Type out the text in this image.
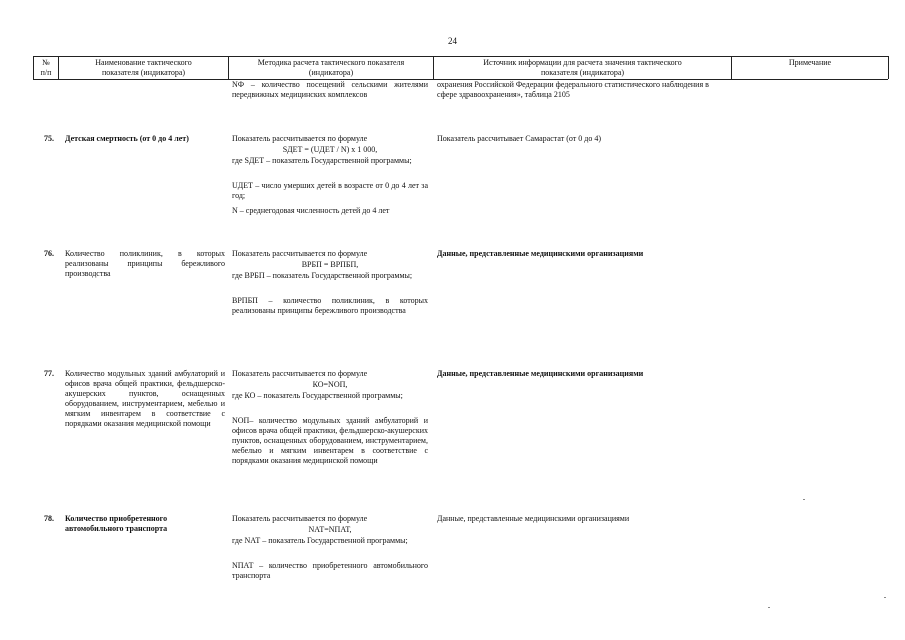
24
№
п/п
Наименование тактического
показателя (индикатора)
Методика расчета тактического показателя
(индикатора)
Источник информации для расчета значения тактического
показателя (индикатора)
Примечание
NФ – количество посещений сельскими жителями передвижных медицинских комплексов
охранения Российской Федерации федерального статистического наблюдения в сфере здравоохранения», таблица 2105
75. Детская смертность (от 0 до 4 лет)	Показатель рассчитывается по формуле
SДЕТ = (UДЕТ / N) x 1 000,
где SДЕТ – показатель Государственной программы;
UДЕТ – число умерших детей в возрасте от 0 до 4 лет за год;
N – среднегодовая численность детей до 4 лет
Показатель рассчитывает Самарастат (от 0 до 4)
76. Количество поликлиник, в которых реализованы принципы бережливого производства
Показатель рассчитывается по формуле
ВРБП = ВРПБП,
где ВРБП – показатель Государственной программы;
ВРПБП – количество поликлиник, в которых реализованы принципы бережливого производства
Данные, представленные медицинскими организациями
77. Количество модульных зданий амбулаторий и офисов врача общей практики, фельдшерско-акушерских пунктов, оснащенных оборудованием, инструментарием, мебелью и мягким инвентарем в соответствие с порядками оказания медицинской помощи
Показатель рассчитывается по формуле
КО=NОП,
где КО – показатель Государственной программы;
NОП– количество модульных зданий амбулаторий и офисов врача общей практики, фельдшерско-акушерских пунктов, оснащенных оборудованием, инструментарием, мебелью и мягким инвентарем в соответствие с порядками оказания медицинской помощи
Данные, представленные медицинскими организациями
78. Количество приобретенного автомобильного транспорта
Показатель рассчитывается по формуле
NАТ=NПАТ,
где NАТ – показатель Государственной программы;
NПАТ – количество приобретенного автомобильного транспорта
Данные, представленные медицинскими организациями
